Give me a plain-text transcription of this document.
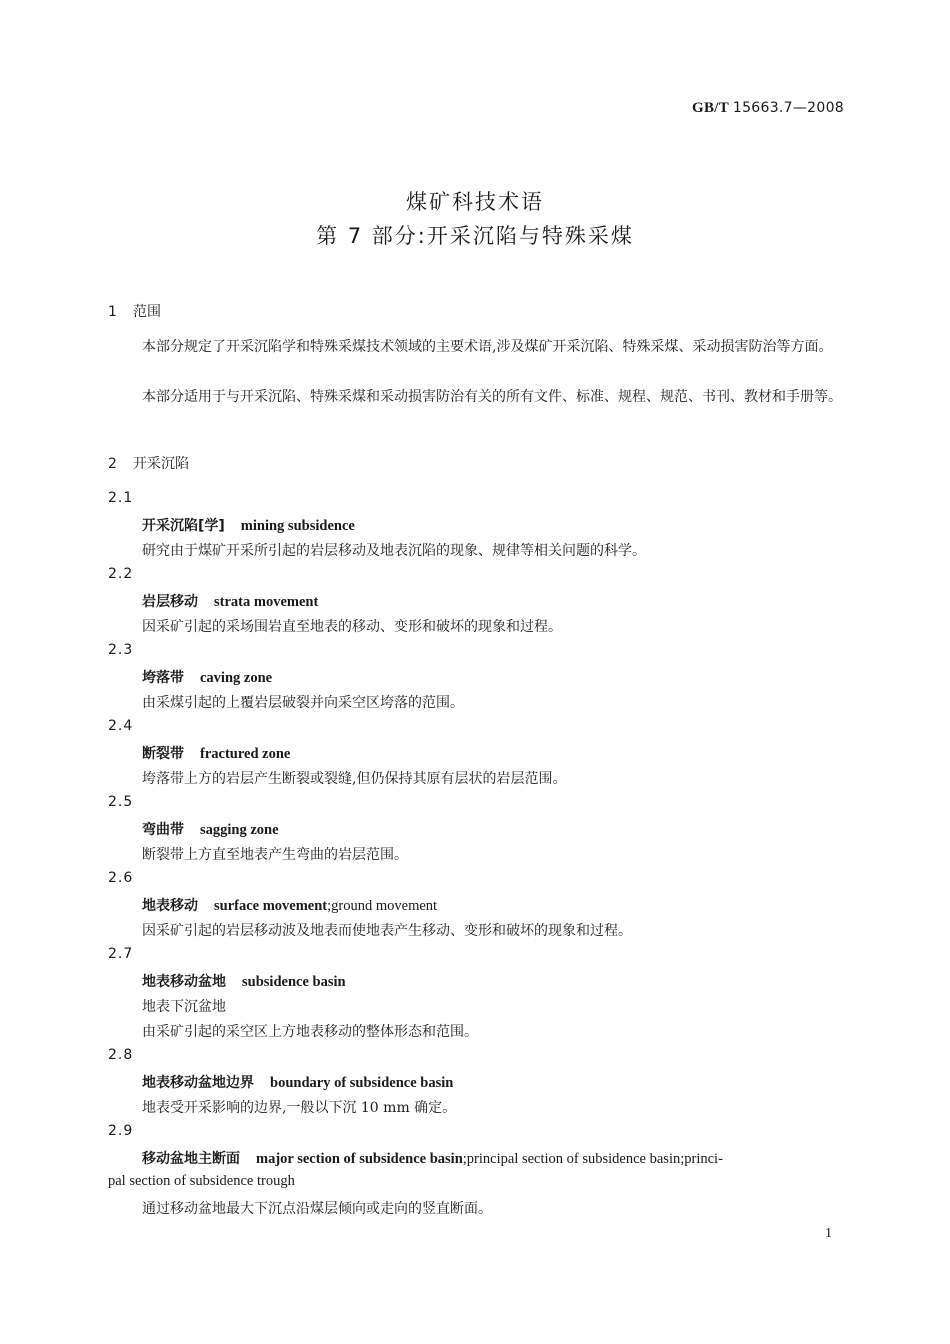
GB/T 15663.7—2008
煤矿科技术语
第 7 部分:开采沉陷与特殊采煤
1 范围
本部分规定了开采沉陷学和特殊采煤技术领域的主要术语,涉及煤矿开采沉陷、特殊采煤、采动损害防治等方面。
本部分适用于与开采沉陷、特殊采煤和采动损害防治有关的所有文件、标准、规程、规范、书刊、教材和手册等。
2 开采沉陷
2.1
开采沉陷[学] mining subsidence
研究由于煤矿开采所引起的岩层移动及地表沉陷的现象、规律等相关问题的科学。
2.2
岩层移动 strata movement
因采矿引起的采场围岩直至地表的移动、变形和破坏的现象和过程。
2.3
垮落带 caving zone
由采煤引起的上覆岩层破裂并向采空区垮落的范围。
2.4
断裂带 fractured zone
垮落带上方的岩层产生断裂或裂缝,但仍保持其原有层状的岩层范围。
2.5
弯曲带 sagging zone
断裂带上方直至地表产生弯曲的岩层范围。
2.6
地表移动 surface movement;ground movement
因采矿引起的岩层移动波及地表而使地表产生移动、变形和破坏的现象和过程。
2.7
地表移动盆地 subsidence basin
地表下沉盆地
由采矿引起的采空区上方地表移动的整体形态和范围。
2.8
地表移动盆地边界 boundary of subsidence basin
地表受开采影响的边界,一般以下沉 10 mm 确定。
2.9
移动盆地主断面 major section of subsidence basin;principal section of subsidence basin;princi-
pal section of subsidence trough
通过移动盆地最大下沉点沿煤层倾向或走向的竖直断面。
1
